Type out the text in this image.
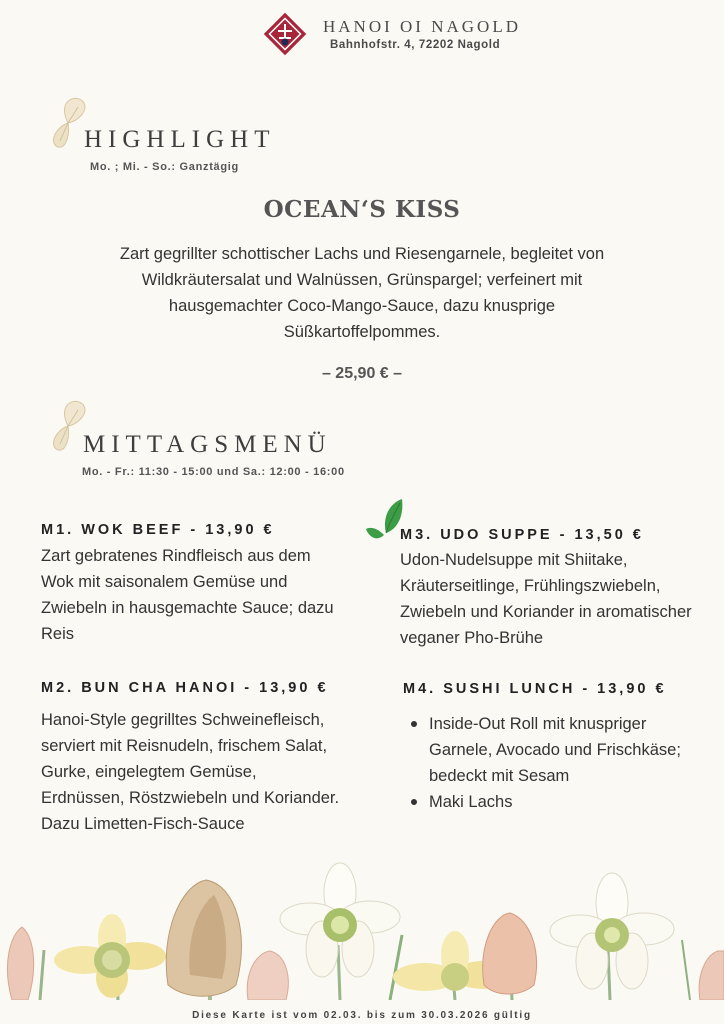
HANOI OI NAGOLD
Bahnhofstr. 4, 72202 Nagold
HIGHLIGHT
Mo. ; Mi. - So.: Ganztägig
OCEAN‘S KISS
Zart gegrillter schottischer Lachs und Riesengarnele, begleitet von Wildkräutersalat und Walnüssen, Grünspargel; verfeinert mit hausgemachter Coco-Mango-Sauce, dazu knusprige Süßkartoffelpommes.
– 25,90 € –
MITTAGSMENÜ
Mo. - Fr.: 11:30 - 15:00 und Sa.: 12:00 - 16:00
M1. WOK BEEF - 13,90 €
Zart gebratenes Rindfleisch aus dem Wok mit saisonalem Gemüse und Zwiebeln in hausgemachte Sauce; dazu Reis
M2. BUN CHA HANOI - 13,90 €
Hanoi-Style gegrilltes Schweinefleisch, serviert mit Reisnudeln, frischem Salat, Gurke, eingelegtem Gemüse, Erdnüssen, Röstzwiebeln und Koriander. Dazu Limetten-Fisch-Sauce
M3. UDO SUPPE - 13,50 €
Udon-Nudelsuppe mit Shiitake, Kräuterseitlinge, Frühlingszwiebeln, Zwiebeln und Koriander in aromatischer veganer Pho-Brühe
M4. SUSHI LUNCH - 13,90 €
Inside-Out Roll mit knuspriger Garnele, Avocado und Frischkäse; bedeckt mit Sesam
Maki Lachs
Diese Karte ist vom 02.03. bis zum 30.03.2026 gültig
